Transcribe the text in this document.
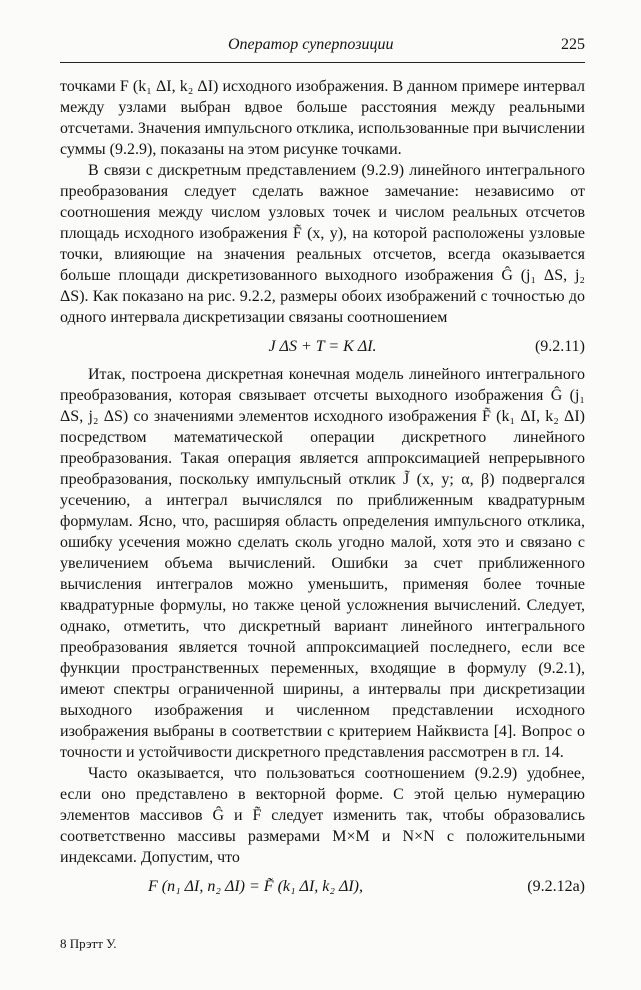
Оператор суперпозиции	225

точками F (k₁ ΔI, k₂ ΔI) исходного изображения. В данном примере интервал между узлами выбран вдвое больше расстояния между реальными отсчетами. Значения импульсного отклика, использованные при вычислении суммы (9.2.9), показаны на этом рисунке точками.

В связи с дискретным представлением (9.2.9) линейного интегрального преобразования следует сделать важное замечание: независимо от соотношения между числом узловых точек и числом реальных отсчетов площадь исходного изображения F̃ (x, y), на которой расположены узловые точки, влияющие на значения реальных отсчетов, всегда оказывается больше площади дискретизованного выходного изображения Ĝ (j₁ ΔS, j₂ ΔS). Как показано на рис. 9.2.2, размеры обоих изображений с точностью до одного интервала дискретизации связаны соотношением

J ΔS + T = K ΔI.	(9.2.11)

Итак, построена дискретная конечная модель линейного интегрального преобразования, которая связывает отсчеты выходного изображения Ĝ (j₁ ΔS, j₂ ΔS) со значениями элементов исходного изображения F̃ (k₁ ΔI, k₂ ΔI) посредством математической операции дискретного линейного преобразования. Такая операция является аппроксимацией непрерывного преобразования, поскольку импульсный отклик J̃ (x, y; α, β) подвергался усечению, а интеграл вычислялся по приближенным квадратурным формулам. Ясно, что, расширяя область определения импульсного отклика, ошибку усечения можно сделать сколь угодно малой, хотя это и связано с увеличением объема вычислений. Ошибки за счет приближенного вычисления интегралов можно уменьшить, применяя более точные квадратурные формулы, но также ценой усложнения вычислений. Следует, однако, отметить, что дискретный вариант линейного интегрального преобразования является точной аппроксимацией последнего, если все функции пространственных переменных, входящие в формулу (9.2.1), имеют спектры ограниченной ширины, а интервалы при дискретизации выходного изображения и численном представлении исходного изображения выбраны в соответствии с критерием Найквиста [4]. Вопрос о точности и устойчивости дискретного представления рассмотрен в гл. 14.

Часто оказывается, что пользоваться соотношением (9.2.9) удобнее, если оно представлено в векторной форме. С этой целью нумерацию элементов массивов Ĝ и F̃ следует изменить так, чтобы образовались соответственно массивы размерами M×M и N×N с положительными индексами. Допустим, что

F (n₁ ΔI, n₂ ΔI) = F̃ (k₁ ΔI, k₂ ΔI),	(9.2.12a)
8 Прэтт У.
